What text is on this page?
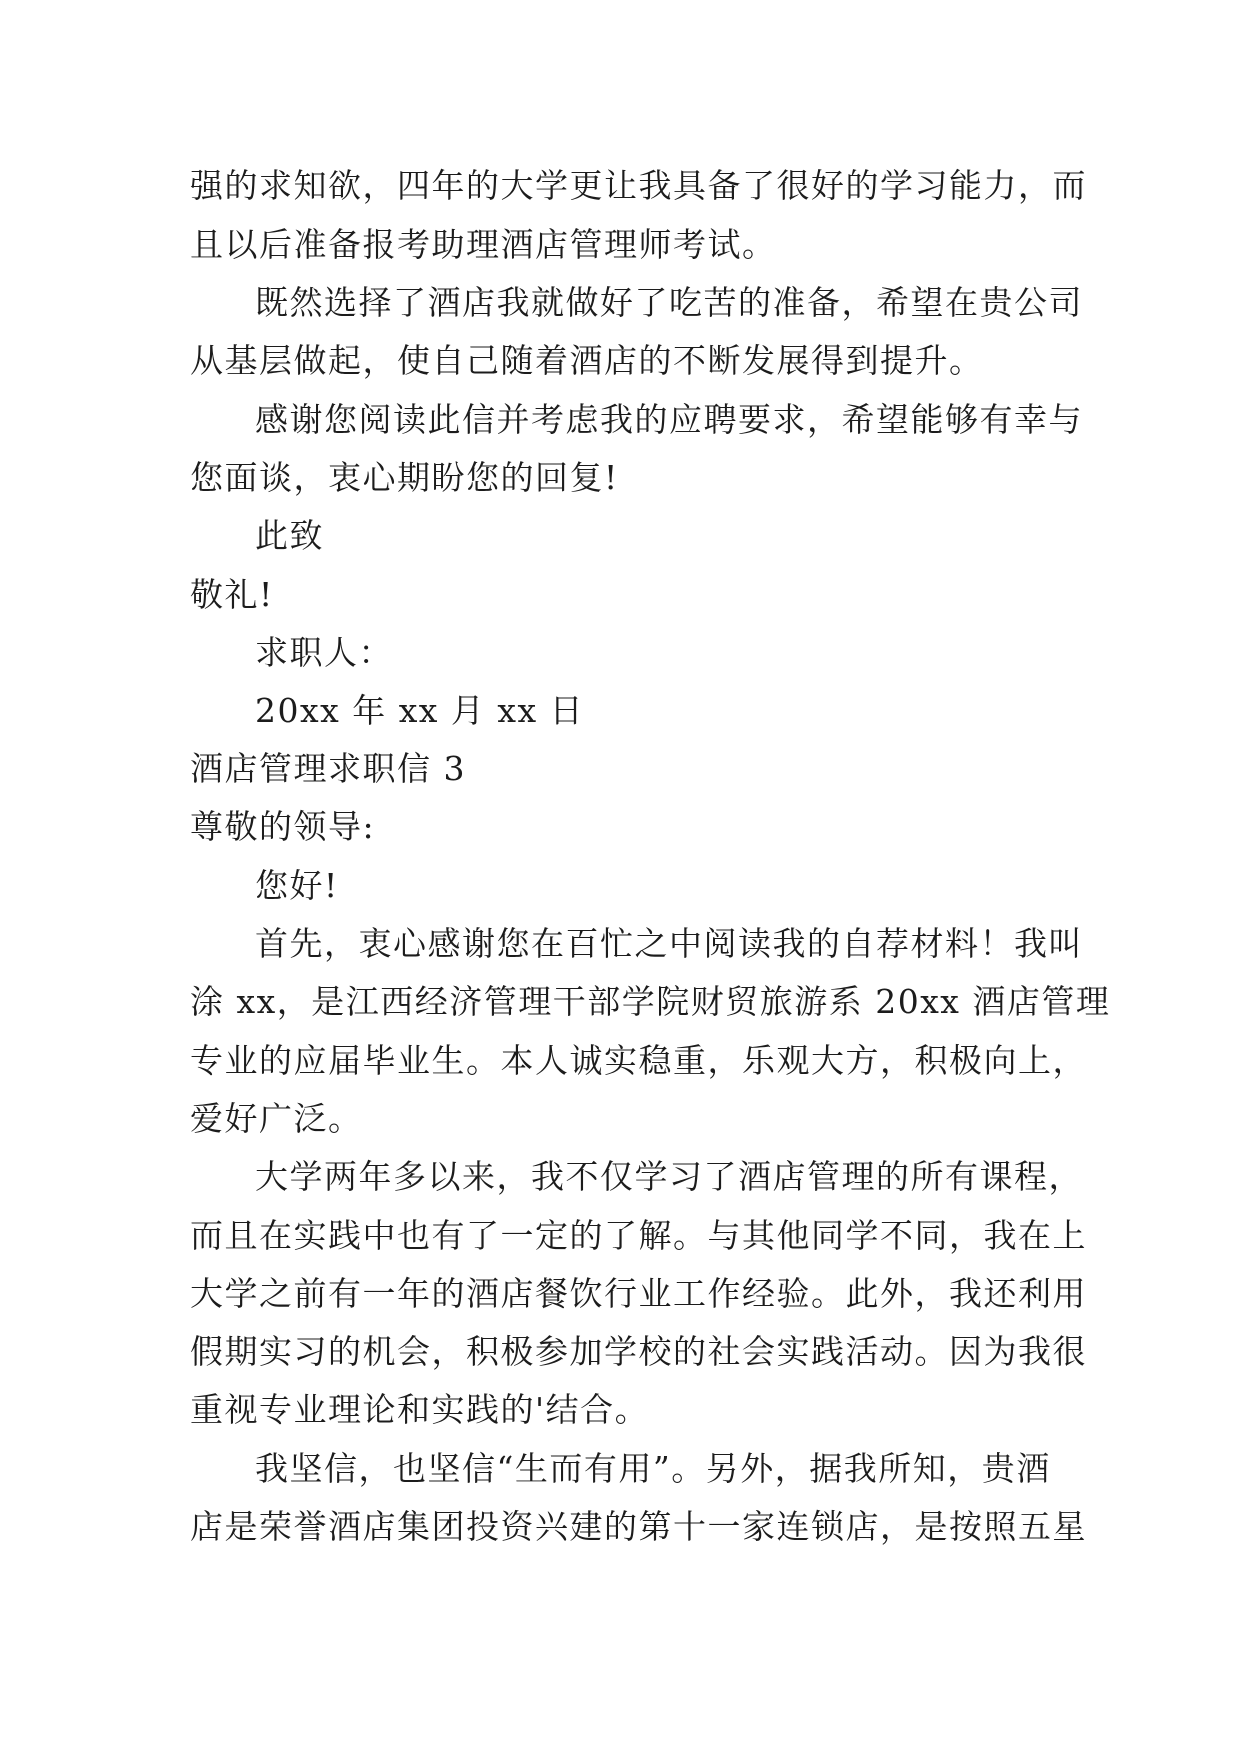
强的求知欲，四年的大学更让我具备了很好的学习能力，而
且以后准备报考助理酒店管理师考试。
既然选择了酒店我就做好了吃苦的准备，希望在贵公司
从基层做起，使自己随着酒店的不断发展得到提升。
感谢您阅读此信并考虑我的应聘要求，希望能够有幸与
您面谈，衷心期盼您的回复!
此致
敬礼!
求职人：
20xx 年 xx 月 xx 日
酒店管理求职信 3
尊敬的领导:
您好!
首先，衷心感谢您在百忙之中阅读我的自荐材料！我叫
涂 xx，是江西经济管理干部学院财贸旅游系 20xx 酒店管理
专业的应届毕业生。本人诚实稳重，乐观大方，积极向上，
爱好广泛。
大学两年多以来，我不仅学习了酒店管理的所有课程，
而且在实践中也有了一定的了解。与其他同学不同，我在上
大学之前有一年的酒店餐饮行业工作经验。此外，我还利用
假期实习的机会，积极参加学校的社会实践活动。因为我很
重视专业理论和实践的'结合。
我坚信，也坚信“生而有用”。另外，据我所知，贵酒
店是荣誉酒店集团投资兴建的第十一家连锁店，是按照五星
